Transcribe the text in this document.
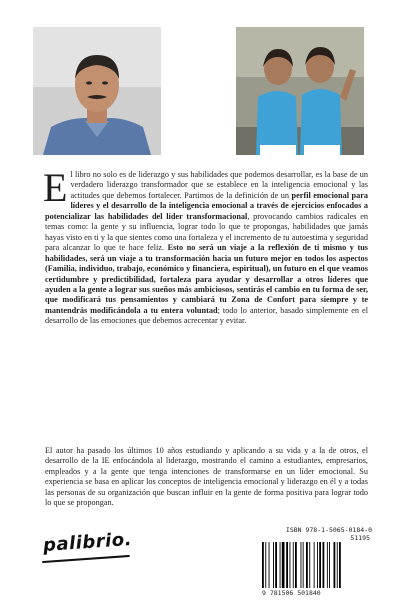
E l libro no solo es de liderazgo y sus habilidades que podemos desarrollar, es la base de un verdadero liderazgo transformador que se establece en la inteligencia emocional y las actitudes que debemos fortalecer. Partimos de la definición de un perfil emocional para líderes y el desarrollo de la inteligencia emocional a través de ejercicios enfocados a potencializar las habilidades del líder transformacional, provocando cambios radicales en temas como: la gente y su influencia, lograr todo lo que te propongas, habilidades que jamás hayas visto en ti y la que sientes como una fortaleza y el incremento de tu autoestima y seguridad para alcanzar lo que te hace feliz. Esto no será un viaje a la reflexión de ti mismo y tus habilidades, será un viaje a tu transformación hacia un futuro mejor en todos los aspectos (Familia, individuo, trabajo, económico y financiera, espiritual), un futuro en el que veamos certidumbre y predictibilidad, fortaleza para ayudar y desarrollar a otros líderes que ayuden a la gente a lograr sus sueños más ambiciosos, sentirás el cambio en tu forma de ser, que modificará tus pensamientos y cambiará tu Zona de Confort para siempre y te mantendrás modificándola a tu entera voluntad; todo lo anterior, basado simplemente en el desarrollo de las emociones que debemos acrecentar y evitar.

El autor ha pasado los últimos 10 años estudiando y aplicando a su vida y a la de otros, el desarrollo de la IE enfocándola al liderazgo, mostrando el camino a estudiantes, empresarios, empleados y a la gente que tenga intenciones de transformarse en un líder emocional. Su experiencia se basa en aplicar los conceptos de inteligencia emocional y liderazgo en él y a todas las personas de su organización que buscan influir en la gente de forma positiva para lograr todo lo que se propongan.

palibrio.	ISBN 978-1-5065-0184-0
51195
9 781506 501840
